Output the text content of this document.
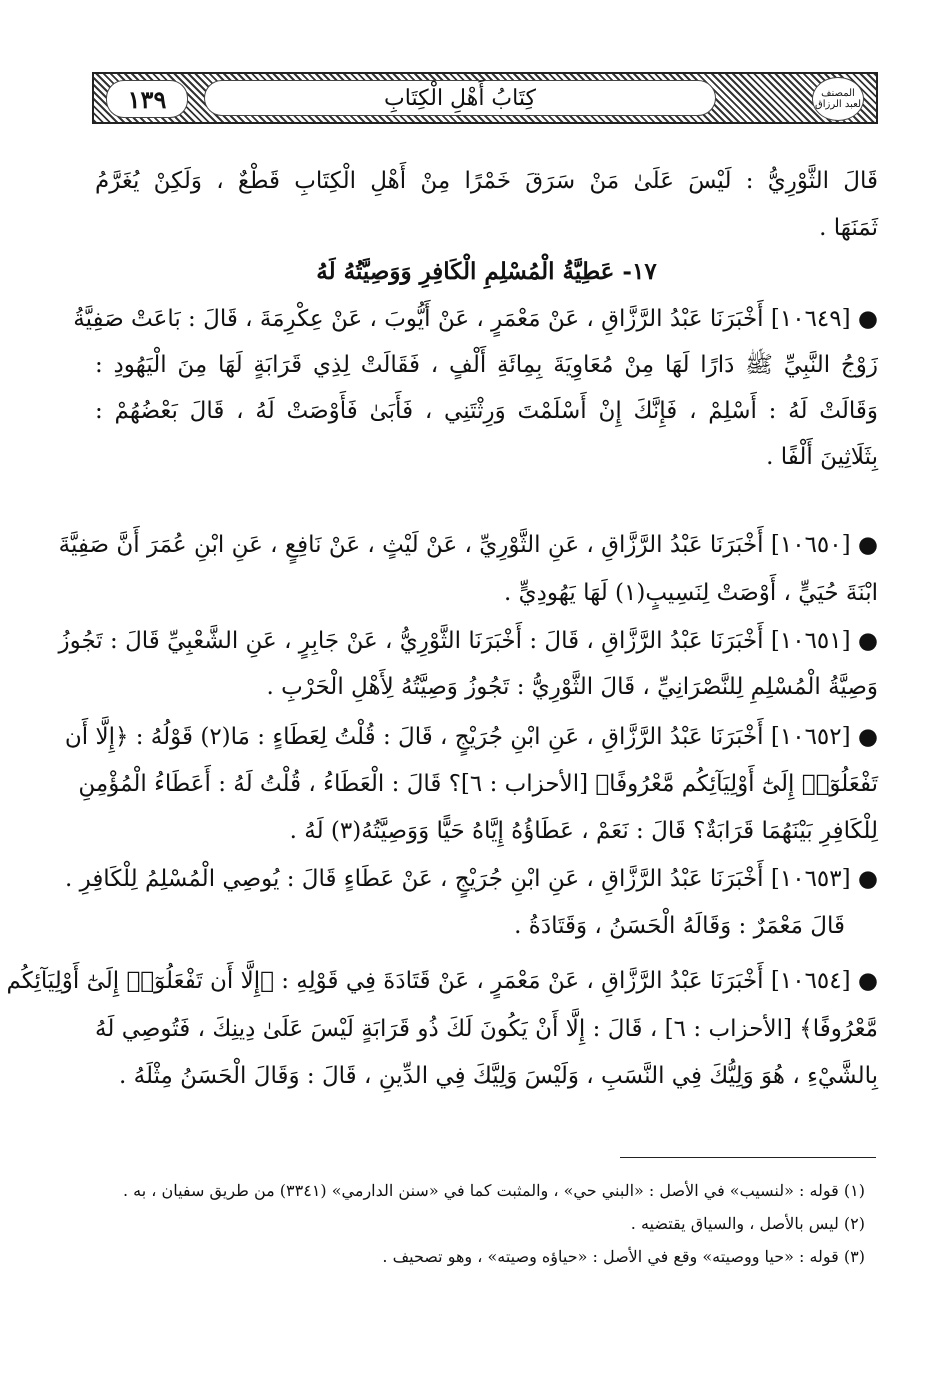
١٣٩	كِتَابُ أَهْلِ الْكِتَابِ	المصنف لعبد الرزاق
قَالَ الثَّوْرِيُّ : لَيْسَ عَلَىٰ مَنْ سَرَقَ خَمْرًا مِنْ أَهْلِ الْكِتَابِ قَطْعٌ ، وَلَكِنْ يُغَرَّمُ
ثَمَنَهَا .
١٧- عَطِيَّةُ الْمُسْلِمِ الْكَافِرِ وَوَصِيَّتُهُ لَهُ
● [١٠٦٤٩] أَخْبَرَنَا عَبْدُ الرَّزَّاقِ ، عَنْ مَعْمَرٍ ، عَنْ أَيُّوبَ ، عَنْ عِكْرِمَةَ ، قَالَ : بَاعَتْ صَفِيَّةُ
زَوْجُ النَّبِيِّ ﷺ دَارًا لَهَا مِنْ مُعَاوِيَةَ بِمِائَةِ أَلْفٍ ، فَقَالَتْ لِذِي قَرَابَةٍ لَهَا مِنَ الْيَهُودِ :
وَقَالَتْ لَهُ : أَسْلِمْ ، فَإِنَّكَ إِنْ أَسْلَمْتَ وَرِثْتَنِي ، فَأَبَىٰ فَأَوْصَتْ لَهُ ، قَالَ بَعْضُهُمْ :
بِثَلَاثِينَ أَلْفًا .
● [١٠٦٥٠] أَخْبَرَنَا عَبْدُ الرَّزَّاقِ ، عَنِ الثَّوْرِيِّ ، عَنْ لَيْثٍ ، عَنْ نَافِعٍ ، عَنِ ابْنِ عُمَرَ أَنَّ صَفِيَّةَ
ابْنَةَ حُيَيٍّ ، أَوْصَتْ لِنَسِيبٍ(١) لَهَا يَهُودِيٍّ .
● [١٠٦٥١] أَخْبَرَنَا عَبْدُ الرَّزَّاقِ ، قَالَ : أَخْبَرَنَا الثَّوْرِيُّ ، عَنْ جَابِرٍ ، عَنِ الشَّعْبِيِّ قَالَ : تَجُوزُ
وَصِيَّةُ الْمُسْلِمِ لِلنَّصْرَانِيِّ ، قَالَ الثَّوْرِيُّ : تَجُوزُ وَصِيَّتُهُ لِأَهْلِ الْحَرْبِ .
● [١٠٦٥٢] أَخْبَرَنَا عَبْدُ الرَّزَّاقِ ، عَنِ ابْنِ جُرَيْجٍ ، قَالَ : قُلْتُ لِعَطَاءٍ : مَا(٢) قَوْلُهُ : ﴿إِلَّا أَن
تَفْعَلُوٓا۟ إِلَىٰٓ أَوْلِيَآئِكُم مَّعْرُوفًا﴾ [الأحزاب : ٦]؟ قَالَ : الْعَطَاءُ ، قُلْتُ لَهُ : أَعَطَاءُ الْمُؤْمِنِ
لِلْكَافِرِ بَيْنَهُمَا قَرَابَةٌ؟ قَالَ : نَعَمْ ، عَطَاؤُهُ إِيَّاهُ حَيًّا وَوَصِيَّتُهُ(٣) لَهُ .
● [١٠٦٥٣] أَخْبَرَنَا عَبْدُ الرَّزَّاقِ ، عَنِ ابْنِ جُرَيْجٍ ، عَنْ عَطَاءٍ قَالَ : يُوصِي الْمُسْلِمُ لِلْكَافِرِ .
قَالَ مَعْمَرٌ : وَقَالَهُ الْحَسَنُ ، وَقَتَادَةُ .
● [١٠٦٥٤] أَخْبَرَنَا عَبْدُ الرَّزَّاقِ ، عَنْ مَعْمَرٍ ، عَنْ قَتَادَةَ فِي قَوْلِهِ : ﴿إِلَّا أَن تَفْعَلُوٓا۟ إِلَىٰٓ أَوْلِيَآئِكُم
مَّعْرُوفًا﴾ [الأحزاب : ٦] ، قَالَ : إِلَّا أَنْ يَكُونَ لَكَ ذُو قَرَابَةٍ لَيْسَ عَلَىٰ دِينِكَ ، فَتُوصِي لَهُ
بِالشَّيْءِ ، هُوَ وَلِيُّكَ فِي النَّسَبِ ، وَلَيْسَ وَلِيَّكَ فِي الدِّينِ ، قَالَ : وَقَالَ الْحَسَنُ مِثْلَهُ .
(١) قوله : «لنسيب» في الأصل : «البني حي» ، والمثبت كما في «سنن الدارمي» (٣٣٤١) من طريق سفيان ، به .
(٢) ليس بالأصل ، والسياق يقتضيه .
(٣) قوله : «حيا ووصيته» وقع في الأصل : «حياؤه وصيته» ، وهو تصحيف .
